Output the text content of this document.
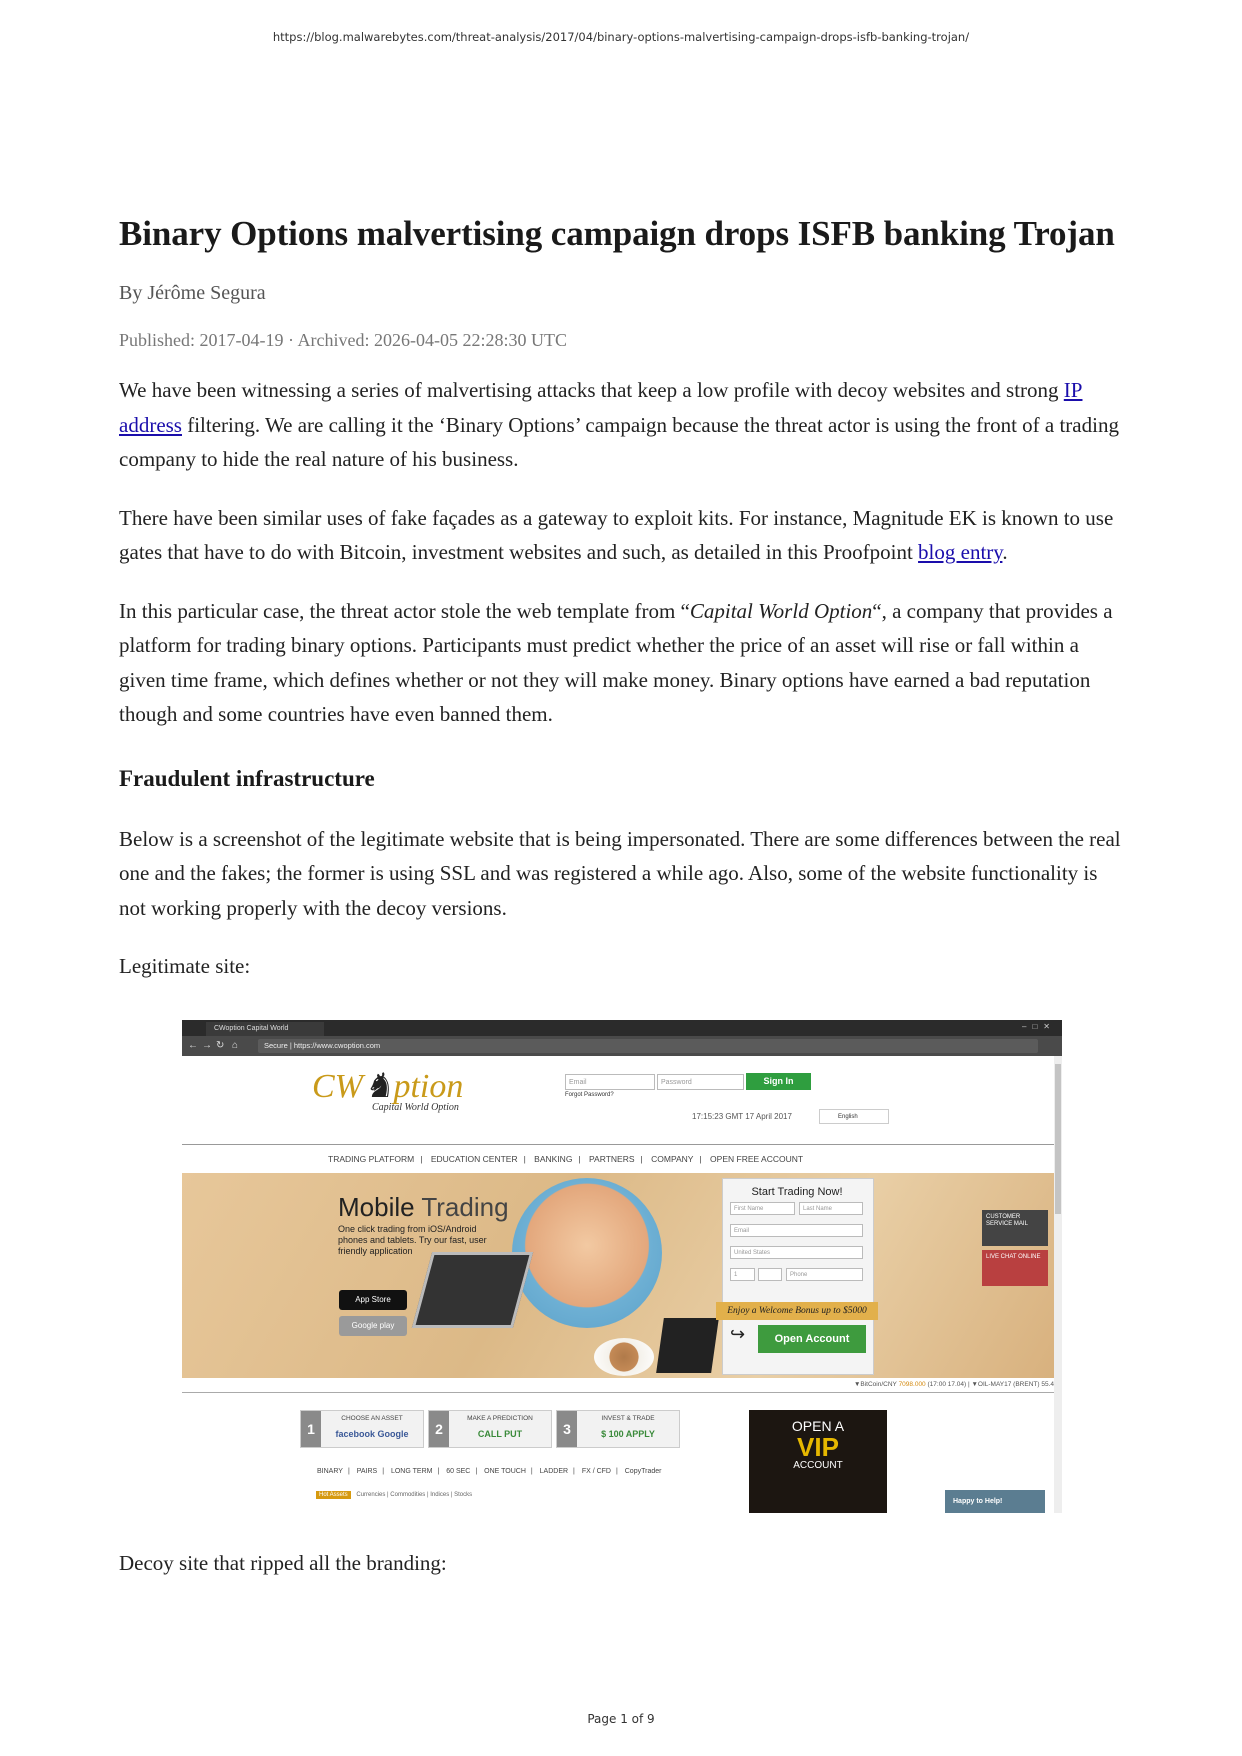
https://blog.malwarebytes.com/threat-analysis/2017/04/binary-options-malvertising-campaign-drops-isfb-banking-trojan/
Binary Options malvertising campaign drops ISFB banking Trojan
By Jérôme Segura
Published: 2017-04-19 · Archived: 2026-04-05 22:28:30 UTC

We have been witnessing a series of malvertising attacks that keep a low profile with decoy websites and strong IP address filtering. We are calling it the ‘Binary Options’ campaign because the threat actor is using the front of a trading company to hide the real nature of his business.

There have been similar uses of fake façades as a gateway to exploit kits. For instance, Magnitude EK is known to use gates that have to do with Bitcoin, investment websites and such, as detailed in this Proofpoint blog entry.

In this particular case, the threat actor stole the web template from “Capital World Option“, a company that provides a platform for trading binary options. Participants must predict whether the price of an asset will rise or fall within a given time frame, which defines whether or not they will make money. Binary options have earned a bad reputation though and some countries have even banned them.

Fraudulent infrastructure

Below is a screenshot of the legitimate website that is being impersonated. There are some differences between the real one and the fakes; the former is using SSL and was registered a while ago. Also, some of the website functionality is not working properly with the decoy versions.

Legitimate site:

CWoption Capital World	–□✕
← → ↻ ⌂	Secure | https://www.cwoption.com
CW♞ption
Capital World Option
Email	Password	Sign In
Forgot Password?
17:15:23 GMT 17 April 2017	English
TRADING PLATFORM | EDUCATION CENTER | BANKING | PARTNERS | COMPANY | OPEN FREE ACCOUNT
Mobile Trading
One click trading from iOS/Android phones and tablets. Try our fast, user friendly application
App Store
Google play
Start Trading Now!
First Name	Last Name
Email
United States
1	Phone
Enjoy a Welcome Bonus up to $5000
↪	Open Account
CUSTOMER SERVICE MAIL
LIVE CHAT ONLINE
▼BitCoin/CNY 7098.000 (17:00 17.04) | ▼OIL-MAY17 (BRENT) 55.4
1
CHOOSE AN ASSET
facebook Google	2
MAKE A PREDICTION
CALL PUT	3
INVEST & TRADE
$ 100 APPLY	OPEN A
VIP
ACCOUNT
BINARY | PAIRS | LONG TERM | 60 SEC | ONE TOUCH | LADDER | FX / CFD | CopyTrader
Hot Assets Currencies | Commodities | Indices | Stocks
Happy to Help!

Decoy site that ripped all the branding:

Page 1 of 9
